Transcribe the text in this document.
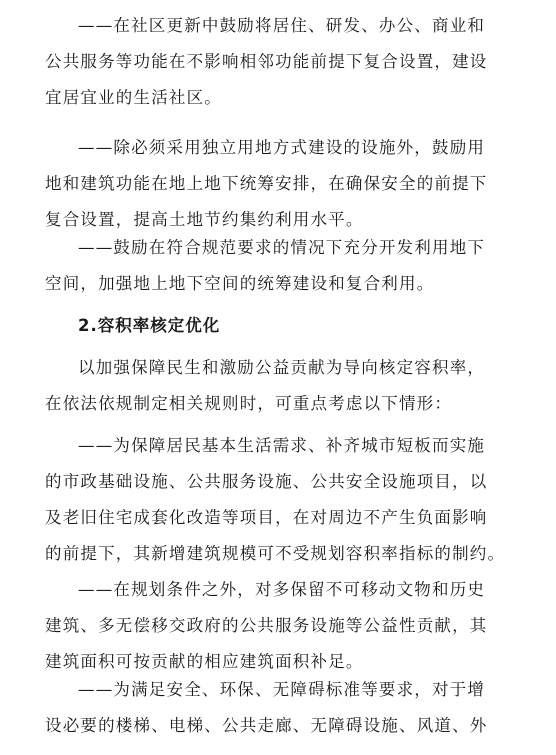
——在社区更新中鼓励将居住、研发、办公、商业和
公共服务等功能在不影响相邻功能前提下复合设置，建设
宜居宜业的生活社区。
——除必须采用独立用地方式建设的设施外，鼓励用
地和建筑功能在地上地下统筹安排，在确保安全的前提下
复合设置，提高土地节约集约利用水平。
——鼓励在符合规范要求的情况下充分开发利用地下
空间，加强地上地下空间的统筹建设和复合利用。
2.容积率核定优化
以加强保障民生和激励公益贡献为导向核定容积率，
在依法依规制定相关规则时，可重点考虑以下情形：
——为保障居民基本生活需求、补齐城市短板而实施
的市政基础设施、公共服务设施、公共安全设施项目，以
及老旧住宅成套化改造等项目，在对周边不产生负面影响
的前提下，其新增建筑规模可不受规划容积率指标的制约。
——在规划条件之外，对多保留不可移动文物和历史
建筑、多无偿移交政府的公共服务设施等公益性贡献，其
建筑面积可按贡献的相应建筑面积补足。
——为满足安全、环保、无障碍标准等要求，对于增
设必要的楼梯、电梯、公共走廊、无障碍设施、风道、外
